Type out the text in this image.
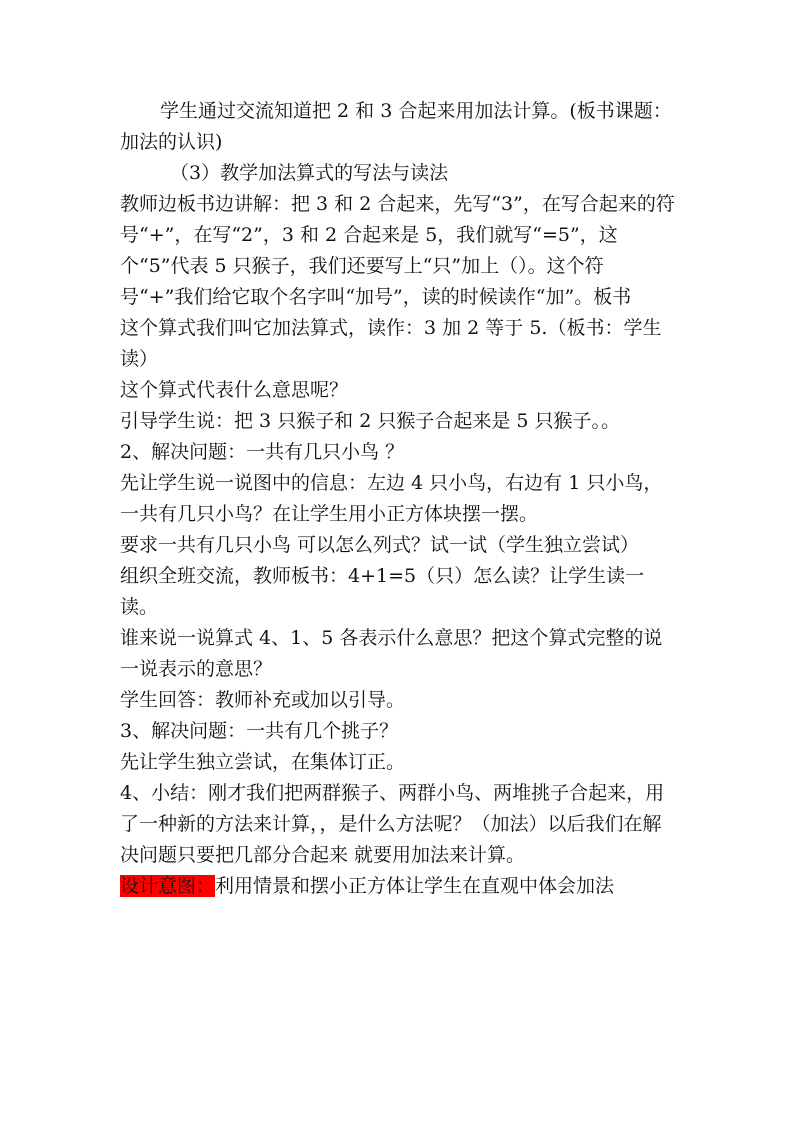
学生通过交流知道把 2 和 3 合起来用加法计算。(板书课题：加法的认识)

（3）教学加法算式的写法与读法

教师边板书边讲解：把 3 和 2 合起来，先写“3”，在写合起来的符号“+”，在写“2”，3 和 2 合起来是 5，我们就写“=5”，这个“5”代表 5 只猴子，我们还要写上“只”加上（）。这个符号“+”我们给它取个名字叫“加号”，读的时候读作“加”。板书

这个算式我们叫它加法算式，读作：3 加 2 等于 5.（板书：学生读）

这个算式代表什么意思呢？

引导学生说：把 3 只猴子和 2 只猴子合起来是 5 只猴子。。

2、解决问题：一共有几只小鸟 ？

先让学生说一说图中的信息：左边 4 只小鸟，右边有 1 只小鸟，一共有几只小鸟？在让学生用小正方体块摆一摆。

要求一共有几只小鸟 可以怎么列式？试一试（学生独立尝试）

组织全班交流，教师板书：4+1=5（只）怎么读？让学生读一读。

谁来说一说算式 4、1、5 各表示什么意思？把这个算式完整的说一说表示的意思？

学生回答：教师补充或加以引导。

3、解决问题：一共有几个挑子？

先让学生独立尝试，在集体订正。

4、小结：刚才我们把两群猴子、两群小鸟、两堆挑子合起来，用了一种新的方法来计算，，是什么方法呢？（加法）以后我们在解决问题只要把几部分合起来 就要用加法来计算。

设计意图：利用情景和摆小正方体让学生在直观中体会加法
